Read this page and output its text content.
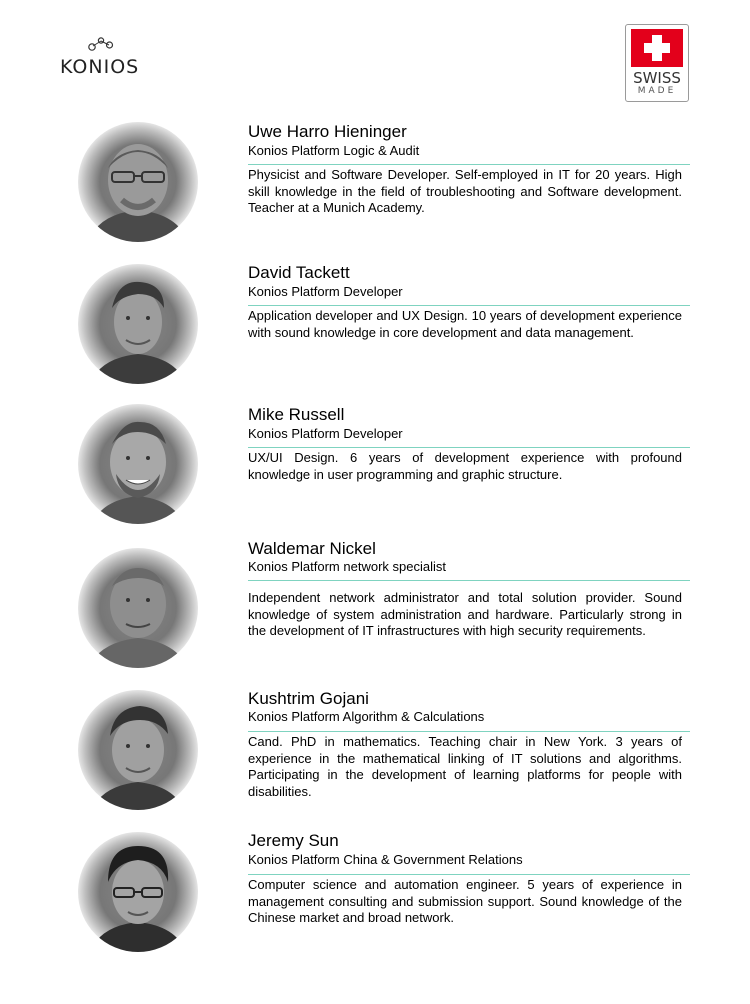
KONIOS	SWISS
MADE
Uwe Harro Hieninger
Konios Platform Logic & Audit
Physicist and Software Developer. Self-employed in IT for 20 years. High skill knowledge in the field of troubleshooting and Software development. Teacher at a Munich Academy.
David Tackett
Konios Platform Developer
Application developer and UX Design. 10 years of development experience with sound knowledge in core development and data management.
Mike Russell
Konios Platform Developer
UX/UI Design. 6 years of development experience with profound knowledge in user programming and graphic structure.
Waldemar Nickel
Konios Platform network specialist
Independent network administrator and total solution provider. Sound knowledge of system administration and hardware. Particularly strong in the development of IT infrastructures with high security requirements.
Kushtrim Gojani
Konios Platform Algorithm & Calculations
Cand. PhD in mathematics. Teaching chair in New York. 3 years of experience in the mathematical linking of IT solutions and algorithms. Participating in the development of learning platforms for people with disabilities.
Jeremy Sun
Konios Platform China & Government Relations
Computer science and automation engineer. 5 years of experience in management consulting and submission support. Sound knowledge of the Chinese market and broad network.
